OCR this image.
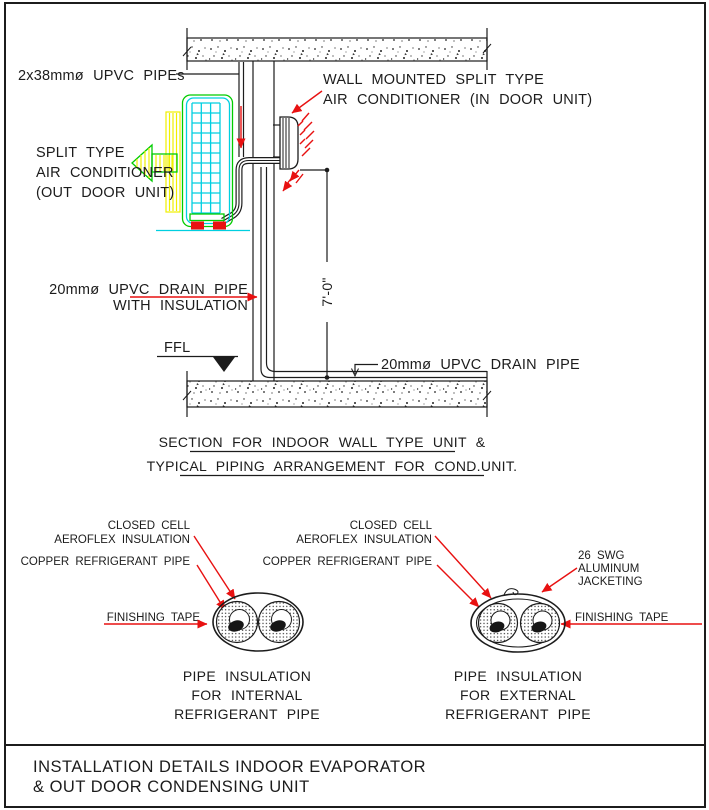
7'-0"
FFL
2x38mmø UPVC PIPEs	WALL MOUNTED SPLIT TYPE
AIR CONDITIONER (IN DOOR UNIT)
SPLIT TYPE
AIR CONDITIONER
(OUT DOOR UNIT)
20mmø UPVC DRAIN PIPE
WITH INSULATION
20mmø UPVC DRAIN PIPE
SECTION FOR INDOOR WALL TYPE UNIT &
TYPICAL PIPING ARRANGEMENT FOR COND.UNIT.
CLOSED CELL
AEROFLEX INSULATION
COPPER REFRIGERANT PIPE
FINISHING TAPE
PIPE INSULATION
FOR INTERNAL
REFRIGERANT PIPE
CLOSED CELL
AEROFLEX INSULATION
COPPER REFRIGERANT PIPE	26 SWG
ALUMINUM
JACKETING
FINISHING TAPE
PIPE INSULATION
FOR EXTERNAL
REFRIGERANT PIPE
INSTALLATION DETAILS INDOOR EVAPORATOR
& OUT DOOR CONDENSING UNIT
